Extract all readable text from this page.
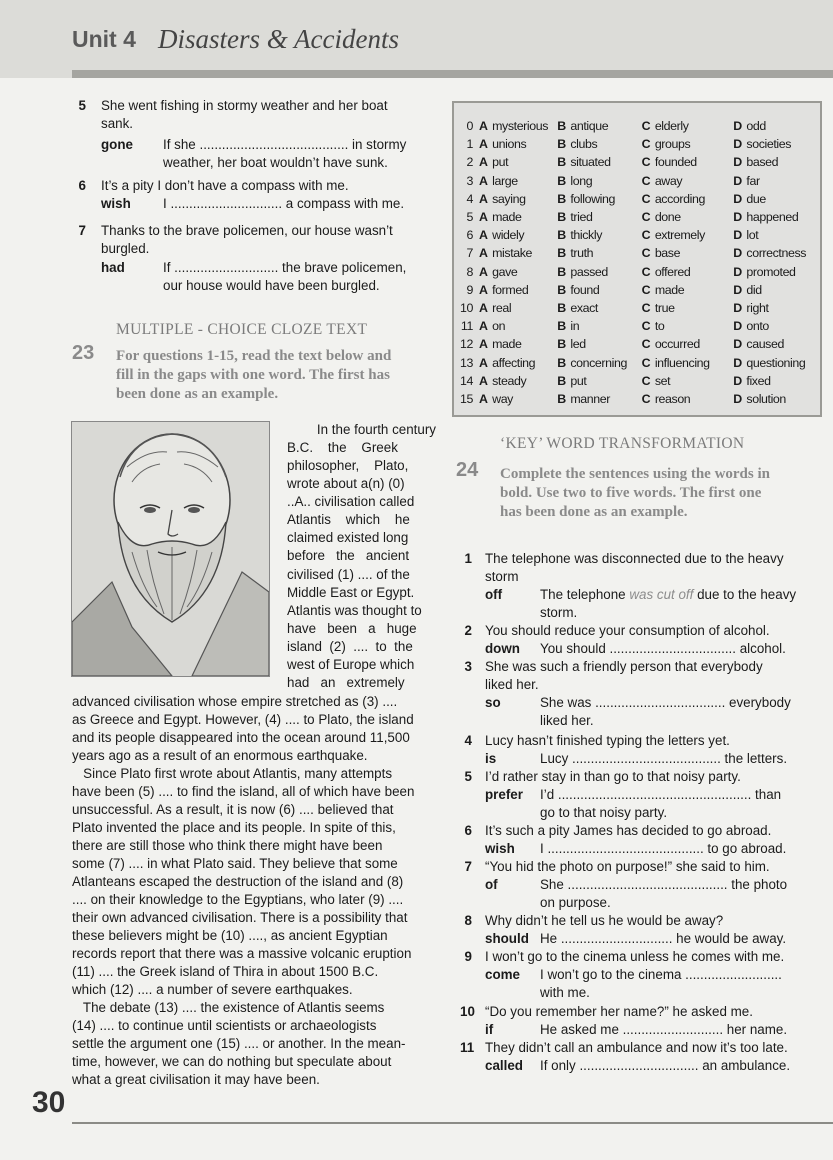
Unit 4 Disasters & Accidents
5 She went fishing in stormy weather and her boat
sank.
gone If she ........................................ in stormy
weather, her boat wouldn’t have sunk.
6 It’s a pity I don’t have a compass with me.
wish I .............................. a compass with me.
7 Thanks to the brave policemen, our house wasn’t
burgled.
had	If ............................ the brave policemen,
our house would have been burgled.
MULTIPLE - CHOICE CLOZE TEXT
23 For questions 1-15, read the text below and
fill in the gaps with one word. The first has
been done as an example.
In the fourth century
B.C.    the    Greek
philosopher,    Plato,
wrote about a(n) (0)
..A.. civilisation called
Atlantis    which    he
claimed existed long
before   the   ancient
civilised (1) .... of the
Middle East or Egypt.
Atlantis was thought to
have   been   a   huge
island  (2)  ....  to  the
west of Europe which
had   an   extremely
advanced civilisation whose empire stretched as (3) ....
as Greece and Egypt. However, (4) .... to Plato, the island
and its people disappeared into the ocean around 11,500
years ago as a result of an enormous earthquake.
Since Plato first wrote about Atlantis, many attempts
have been (5) .... to find the island, all of which have been
unsuccessful. As a result, it is now (6) .... believed that
Plato invented the place and its people. In spite of this,
there are still those who think there might have been
some (7) .... in what Plato said. They believe that some
Atlanteans escaped the destruction of the island and (8)
.... on their knowledge to the Egyptians, who later (9) ....
their own advanced civilisation. There is a possibility that
these believers might be (10) ...., as ancient Egyptian
records report that there was a massive volcanic eruption
(11) .... the Greek island of Thira in about 1500 B.C.
which (12) .... a number of severe earthquakes.
The debate (13) .... the existence of Atlantis seems
(14) .... to continue until scientists or archaeologists
settle the argument one (15) .... or another. In the mean-
time, however, we can do nothing but speculate about
what a great civilisation it may have been.
0	A	mysterious	B	antique	C	elderly	D	odd
1	A	unions	B	clubs	C	groups	D	societies
2	A	put	B	situated	C	founded	D	based
3	A	large	B	long	C	away	D	far
4	A	saying	B	following	C	according	D	due
5	A	made	B	tried	C	done	D	happened
6	A	widely	B	thickly	C	extremely	D	lot
7	A	mistake	B	truth	C	base	D	correctness
8	A	gave	B	passed	C	offered	D	promoted
9	A	formed	B	found	C	made	D	did
10	A	real	B	exact	C	true	D	right
11	A	on	B	in	C	to	D	onto
12	A	made	B	led	C	occurred	D	caused
13	A	affecting	B	concerning	C	influencing	D	questioning
14	A	steady	B	put	C	set	D	fixed
15	A	way	B	manner	C	reason	D	solution
‘KEY’ WORD TRANSFORMATION
24 Complete the sentences using the words in
bold. Use two to five words. The first one
has been done as an example.
1 The telephone was disconnected due to the heavy
storm
off	The telephone was cut off due to the heavy
storm.
2 You should reduce your consumption of alcohol.
down You should .................................. alcohol.
3 She was such a friendly person that everybody
liked her.
so	She was ................................... everybody
liked her.
4 Lucy hasn’t finished typing the letters yet.
is	Lucy ........................................ the letters.
5 I’d rather stay in than go to that noisy party.
prefer I’d .................................................... than
go to that noisy party.
6 It’s such a pity James has decided to go abroad.
wish I .......................................... to go abroad.
7 “You hid the photo on purpose!” she said to him.
of	She ........................................... the photo
on purpose.
8 Why didn’t he tell us he would be away?
should He .............................. he would be away.
9 I won’t go to the cinema unless he comes with me.
come I won’t go to the cinema ..........................
with me.
10 “Do you remember her name?” he asked me.
if	He asked me ........................... her name.
11 They didn’t call an ambulance and now it’s too late.
called If only ................................ an ambulance.
30
